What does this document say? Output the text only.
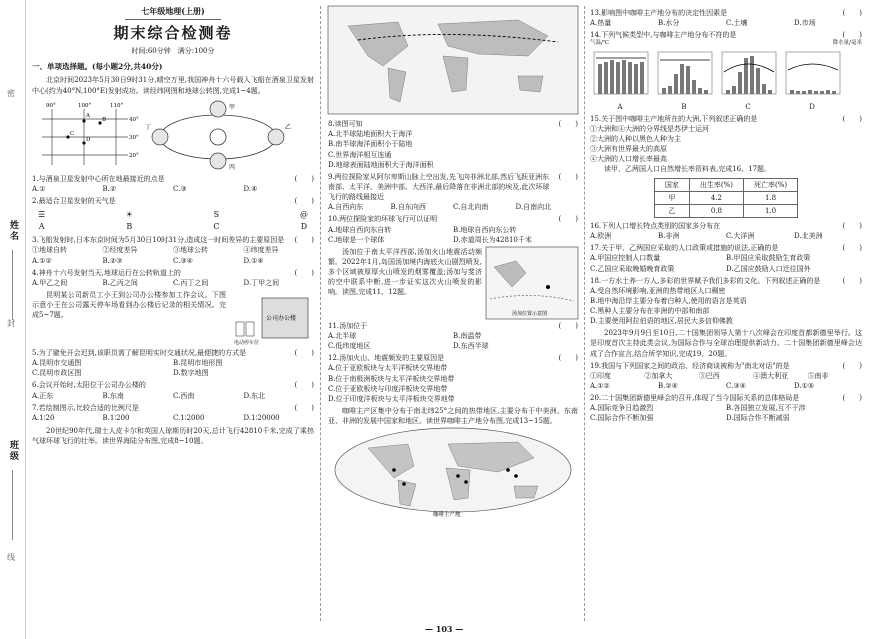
密
姓名
封
班级
线
七年级地理(上册)
期末综合检测卷
时间:60分钟　满分:100分
一、单项选择题。(每小题2分,共40分)
北京时间2023年5月30日9时31分,晴空万里,我国神舟十六号载人飞船在酒泉卫星发射中心(约为40°N,100°E)发射成功。读经纬网图和地球公转图,完成1~4题。
90°	100°	110°
40°
30°
20°
A
B
C
D
甲
乙
丙
丁
1.与酒泉卫星发射中心所在地最接近的点是	(　　)
A.①	B.②	C.③	D.④
2.最适合卫星发射的天气是	(　　)
☰
A
☀
B
S
C
@
D
3.飞船发射时,日本东京时间为5月30日10时31分,造成这一时间差异的主要原因是	(　　)
①地球自转	②经度差异	③地球公转	④纬度差异
A.①②	B.②③	C.③④	D.①④
4.神舟十六号发射当天,地球运行在公转轨道上的	(　　)
A.甲乙之间	B.乙丙之间	C.丙丁之间	D.丁甲之间
昆明某公司新员工小王到公司办公楼参加工作会议。下图示意小王在公司露天停车场看到办公楼后记录的相关情况。完成5~7题。	公司办公楼
电动停车位
5.为了避免开会迟到,该职员需了解昆明实时交通状况,最便捷的方式是	(　　)
A.昆明市交通图	B.昆明市地形图
C.昆明市政区图	D.数字地图
6.会议开始时,太阳位于公司办公楼的	(　　)
A.正东	B.东南	C.西南	D.东北
7.若绘制图示,比较合适的比例尺是	(　　)
A.1∶20	B.1∶200	C.1∶2000	D.1∶20000
20世纪90年代,瑞士人皮卡尔和英国人琼斯历时20天,总计飞行42810千米,完成了乘热气球环球飞行的壮举。读世界海陆分布图,完成8~10题。
8.读图可知	(　　)
A.北半球陆地面积大于海洋
B.南半球海洋面积小于陆地
C.世界海洋相互连通
D.地球表面陆地面积大于海洋面积
9.两位探险家从阿尔卑斯山脉上空出发,先飞向非洲北部,然后飞跃亚洲东南部、太平洋、美洲中部、大西洋,最后降落在非洲北部的埃及,此次环球飞行的路线最接近
(　　)
A.自西向东	B.自东向西	C.自北向南	D.自南向北
10.两位探险家的环球飞行可以证明	(　　)
A.地球自西向东自转	B.地球自西向东公转
C.地球是一个球体	D.赤道周长为42810千米
汤加位于南太平洋西部,汤加火山地震活动频繁。2022年1月,岛国汤加境内海底火山剧烈喷发,多个区域被厚厚火山喷发的烟雾覆盖;汤加与斐济的空中联系中断,进一步证实这次火山喷发的影响。读图,完成11、12题。
汤加位置示意图
11.汤加位于	(　　)
A.北半球	B.南温带
C.低纬度地区	D.东西半球
12.汤加火山、地震频发的主要原因是	(　　)
A.位于亚欧板块与太平洋板块交界地带
B.位于南极洲板块与太平洋板块交界地带
C.位于亚欧板块与印度洋板块交界地带
D.位于印度洋板块与太平洋板块交界地带
咖啡主产区集中分布于南北纬25°之间的热带地区,主要分布于中美洲、东南亚、非洲的发展中国家和地区。读世界咖啡主产地分布图,完成13~15题。
咖啡主产地
13.影响图中咖啡主产地分布的决定性因素是	(　　)
A.热量	B.水分	C.土壤	D.市场
14.下列气候类型中,与咖啡主产地分布不符的是	(　　)
气温/℃	降水量/毫米
A	B	C	D
15.关于图中咖啡主产地所在的大洲,下列叙述正确的是	(　　)
①大洲和④大洲的分界线是苏伊士运河
②大洲的人种以黑色人种为主
③大洲有世界最大的高原
④大洲的人口增长率最高
读甲、乙两国人口自然增长率资料表,完成16、17题。
国家	出生率(%)	死亡率(%)
甲	4.2	1.8
乙	0.8	1.0
16.下列人口增长特点类别的国家多分布在	(　　)
A.欧洲	B.非洲	C.大洋洲	D.北美洲
17.关于甲、乙两国应采取的人口政策或措施的说法,正确的是	(　　)
A.甲国应控制人口数量	B.甲国应采取鼓励生育政策
C.乙国应采取晚婚晚育政策	D.乙国应鼓励人口迁往国外
18.一方水土养一方人,多彩的世界赋予我们多彩的文化。下列叙述正确的是	(　　)
A.受自然环境影响,亚洲的热带地区人口稠密
B.地中海沿岸主要分布着白种人,使用的语言是英语
C.黑种人主要分布在非洲的中部和南部
D.主要使用阿拉伯语的地区,居民大多信仰佛教
2023年9月9日至10日,二十国集团领导人第十八次峰会在印度首都新德里举行。这是印度首次主持此类会议,为国际合作与全球治理提供新动力。二十国集团新德里峰会达成了合作宣言,结合所学知识,完成19、20题。
19.我国与下列国家之间的政治、经济商谈被称为"南北对话"的是	(　　)
①印度	②加拿大	③巴西	④澳大利亚	⑤南非
A.①②	B.②④	C.③④	D.①⑤
20.二十国集团新德里峰会的召开,体现了当今国际关系的总体格局是	(　　)
A.国际竞争日趋激烈	B.各国独立发展,互不干涉
C.国际合作不断加强	D.国际合作不断减弱
— 103 —
